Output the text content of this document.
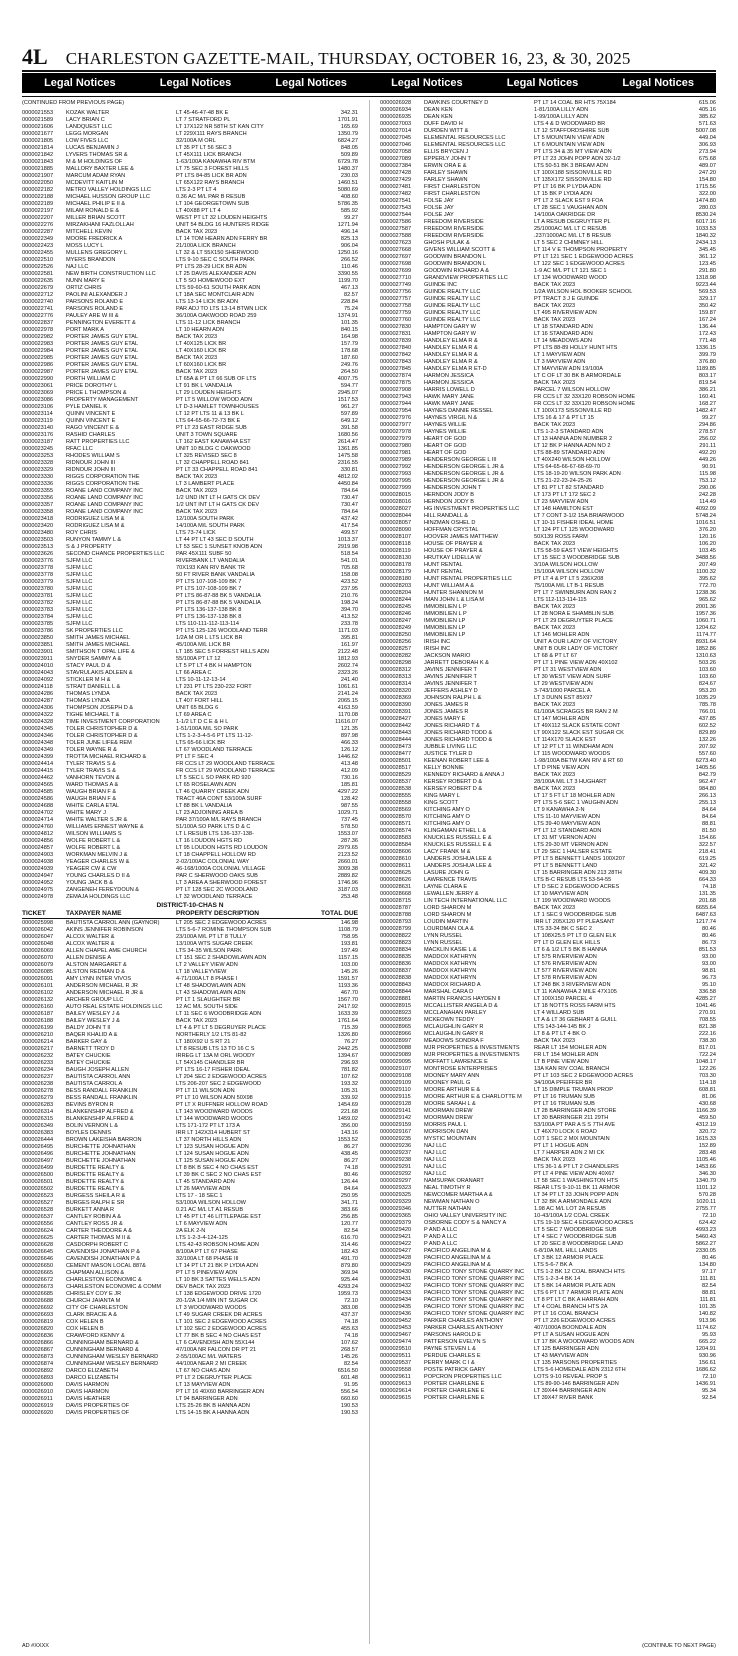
4L CHARLESTON GAZETTE-MAIL, THURSDAY, OCTOBER 16, 23, & 30, 2025
Legal Notices	Legal Notices	Legal Notices	Legal Notices	Legal Notices	Legal Notices
(CONTINUED FROM PREVIOUS PAGE)
0000021553	KOZAK WALTER	LT 45-46-47-48 BK E	342.31
0000021589	LACY BRIAN C	LT 7 STRATFORD PL	1701.91
0000021606	LANDQUEST LLC	LT 17X122 NR 58TH ST KAN CITY	165.69
0000021677	LEGG MORGAN	LT 229X111 RAYS BRANCH	1350.79
0000021805	LOW FIVES LLC	32/100A M ORL	6824.27
0000021814	LUCAS BENJAMIN J	LT 35 PT LT 56 SEC 3	848.05
0000021842	LYVERS THOMAS SR &	LT 45X111 LICK BRANCH	509.89
0000021843	M & M HOLDINGS OF	1-63/100A KANAWHA RIV BTM	6729.78
0000021885	MALLORY BAXTER LEE &	LT 75 SEC 3 FOREST HILLS	1480.37
0000021907	MARCUM ADAM RYAN	PT LTS 84-85 LICK BR ADN	230.03
0000022050	MCDEVITT KAITLIN M	LT 65X122 RAYS BRANCH	1460.51
0000022182	METRO VALLEY HOLDINGS LLC	LTS 2-3 PT LT 4	5080.69
0000022188	MICHAEL HUSSON GROUP LLC	0.36 AC M/L PAR B RESUB	408.60
0000022189	MICHAEL PHILIP E II &	LT 104 GEORGETOWN SUB	5786.35
0000022197	MILAM RONALD E &	LT 40X88 PT LT 4	585.92
0000022207	MILLER BRIAN SCOTT	WEST PT LT 32 LOUDEN HEIGHTS	99.27
0000022276	MIRZAKHANI FAZLOLLAH	UNIT 54 BLDG 16 HUNTERS RIDGE	1271.94
0000022287	MITCHELL KEVIN	BACK TAX 2023	496.14
0000022349	MOORE FREDRICK A	LT 14 TOM HEARN ADN FERRY BR	825.13
0000022423	MOSS LUCY L	21/100A LICK BRANCH	906.04
0000022455	MULLENS GREGORY L	LT 32 & LT 55X150 SHERWOOD	1250.16
0000022510	MYERS BRANDON	LTS 9-10 SEC C SOUTH PARK	266.52
0000022526	NAJ LLC	PT LTS 28-29 LICK BR ADN	110.46
0000022581	NEW BIRTH CONSTRUCTION LLC	LT 25 DAVIS ALEXANDER ADN	3390.55
0000022635	NUNN MARY E	LT 5 SO HOMEWOOD EXT	1199.70
0000022679	ORTIZ CHRIS	LTS 59-60-61 SOUTH PARK ADN	467.13
0000022712	PAOLINI ALEXANDER J	LT 18A SEC MONTCLAIR ADN	82.57
0000022740	PARSONS ROLAND E	LTS 13-14 LICK BR ADN	228.84
0000022741	PARSONS ROLAND E	PAR ADJ TO LTS 13-14 BTWN LICK	75.24
0000022776	PAULEY ARE W III &	36/100A OAKWOOD ROAD 259	1374.91
0000022837	PENNINGTON EVERETT &	LTS 11-12 LICK BRANCH	101.35
0000022978	PORT MARK A	LT 10 HEARN ADN	840.15
0000022982	PORTER JAMES GUY ETAL	BACK TAX 2023	164.98
0000022983	PORTER JAMES GUY ETAL	LT 40X125 LICK BR	157.79
0000022984	PORTER JAMES GUY ETAL	LT 40X160 LICK BR	178.68
0000022985	PORTER JAMES GUY ETAL	BACK TAX 2023	187.60
0000022986	PORTER JAMES GUY ETAL	LT 60X160 LICK BR	249.76
0000022987	PORTER JAMES GUY ETAL	BACK TAX 2023	264.50
0000022990	PORTH WILLIAM C	LT 65A & PT LT 66 SUB OF LTS	4007.75
0000023061	PRICE DOROTHY L	LT 91 BK L VANDALIA	594.77
0000023069	PRICE L THOMPSON &	LT 29 LOUDEN HEIGHTS	2945.07
0000023086	PROPERTY MANAGEMENT	PT LT 5 WILLOW WOOD ADN	1517.53
0000023106	PYLE DANIEL K	LT D-3 HAMLET TOWNHOUSES	961.27
0000023114	QUINN VINCENT E	LT 12 PT LTS 11 & 13 BK L	597.89
0000023119	QUINN VINCENT E	LTS 64-65-66-72-73 BK E	649.12
0000023140	RAGO VINCENT E &	PT LT 23 EAST RIDGE SUB	391.58
0000023176	RASHID CHARLES	UNIT 3 TOWN SQUARE	1680.56
0000023187	RATT PROPERTIES LLC	LT 162 EAST KANAWHA EST	2614.47
0000023245	RFAC LLC	UNIT 10 BLDG C OAKWOOD	1361.85
0000023253	RHODES WILLIAM S	LT 325 REVISED SEC 8	1475.58
0000023328	RIDNOUR JOHN III	LT 32 CHAPPELL ROAD 841	2316.55
0000023329	RIDNOUR JOHN III	PT LT 33 CHAPPELL ROAD 841	330.81
0000023330	RIGGS CORPORATION THE	BACK TAX 2023	4812.02
0000023336	RIGGS CORPORATION THE	LT 3 LAMBERT PLACE	4450.84
0000023355	ROANE LAND COMPANY INC	BACK TAX 2023	784.64
0000023356	ROANE LAND COMPANY INC	1/2 UND INT LT H GATS CK DEV	730.47
0000023357	ROANE LAND COMPANY INC	1/2 UNT INT LT H GATS CK DEV	730.47
0000023358	ROANE LAND COMPANY INC	BACK TAX 2023	784.64
0000023418	RODRIGUEZ LISA M &	12/100A SOUTH PARK	437.42
0000023420	RODRIGUEZ LISA M &	14/100A M/L SOUTH PARK	417.54
0000023480	ROY CHRIS	LTS 73-74 LICK	499.57
0000023503	RUNYON TAMMY L &	LT 44 PT LT 43 SEC D SOUTH	1013.37
0000023513	S & J PROPERTY	LT 53 SEC 1 SUNSET KNOB ADN	2919.98
0000023626	SECOND CHANCE PROPERTIES LLC	PAR 45X111 SUBF 50	518.54
0000023776	SJFM LLC	RIVERBANK LT VANDALIA	541.01
0000023778	SJFM LLC	70X193 KAN RIV BANK TR	705.68
0000023778	SJFM LLC	50 FT RIVER BANK VANDALIA	158.08
0000023779	SJFM LLC	PT LTS 107-108-109 BK 7	423.52
0000023780	SJFM LLC	PT LTS 107-108-109 BK 7	237.95
0000023781	SJFM LLC	PT LTS 86-87-88 BK 5 VANDALIA	210.76
0000023782	SJFM LLC	PT LTS 86-87-88 BK 5 VANDALIA	198.24
0000023783	SJFM LLC	PT LTS 136-137-138 BK 8	394.70
0000023784	SJFM LLC	PT LTS 136-137-138 BK 8	413.52
0000023785	SJFM LLC	LTS 110-111-112-113-114	233.78
0000023786	SK PROPERTIES LLC	PT LTS 125-126 WOODLAND TERR	1171.03
0000023850	SMITH JAMES MICHAEL	1/2A M OR L LTS LICK BR	395.81
0000023851	SMITH JAMES MICHAEL	45/100A M/L LICK BR	161.97
0000023901	SMITHSON T OPAL LIFE &	LT 185 SEC 5 FORREST HILLS ADN	2122.48
0000023911	SNYDER SAMMY A &	55/100A PT LT 12	1812.93
0000024010	STACY PAUL D &	LT 5 PT LT 4 BK H HAMPTON	2602.74
0000024043	STAVRULAKIS ADLEEN &	LT 66 AREA C	2323.26
0000024092	STICKLER M H &	LTS 10-11-12-13-14	241.40
0000024118	STRAIT DANIELL L &	LT 231 PT LTS 230-232 FORT	1061.61
0000024286	THOMAS LYNDA	BACK TAX 2023	2141.24
0000024287	THOMAS LYNDA	LT 407 FORT HILL	2065.15
0000024306	THOMPSON JOSEPH D &	UNIT 65 BLDG 6	4163.59
0000024322	TIGHE MICHAEL T &	LT 69 AREA C	1170.08
0000024328	TIME INVESTMENT CORPORATION	1-1/2 LT D C E & H L	11616.07
0000024345	TOLER CHRISTOPHER D &	1-51/100A M/L SO PARK	121.35
0000024346	TOLER CHRISTOPHER D &	LTS 1-2-3-4-5-6 PT LTS 11-12-	897.98
0000024348	TOLER JUNE LIFE& REM	LTS 65-66 LICK BR	466.33
0000024349	TOLER WAYNE R &	LT 67 WOODLAND TERRACE	126.12
0000024399	TROTTA MICHAEL RICHARD &	PT LT F SEC 4	1446.62
0000024414	TYLER TRAVIS S &	FR CCS LT 29 WOODLAND TERRACE	413.48
0000024415	TYLER TRAVIS S &	FR CCS LT 29 WOODLAND TERRACE	412.09
0000024462	VANHORN TEVON &	LT 5 SEC L SO PARK RD 920	730.16
0000024565	WARD THOMAS A &	LT 65 ROSELAWN ADN	185.81
0000024585	WAUGH BRIAN F &	LT 46 QUARRY CREEK ADN	4297.22
0000024586	WAUGH BRIAN F &	TRACT 46A CONT 53/100A SURF	128.42
0000024688	WHITE CARLA ETAL	LT 88 BK L VANDALIA	987.55
0000024702	WHITE MARY J	LT 23 ADJOINING AREA B	1029.71
0000024714	WHITE WALTER S JR &	PAR 37/100A M/L RAYS BRANCH	737.45
0000024760	WILLIAMS ERNEST WAYNE &	51/100A SO PARK LTS D & C	578.50
0000024812	WILSON WILLIAMS S	LT L RESUB LTS 136-137-138-	1553.07
0000024856	WOLFE ROBERT L &	LT 16 LOUDON HGTS RD	287.36
0000024857	WOLFE ROBERT L &	LT 95 LOUDON HGTS RD LOUDON	2979.65
0000024903	WORKMAN MELVIN J &	LT 18 CHAPPELL HOLLOW RD	2123.52
0000024938	YEAGER CHARLES W &	2-02/100AC COLONIAL WAY	2660.01
0000024939	YEAGER CW & CW	46-168/1000A COLONIAL VILLAGE	3009.38
0000024947	YOUNG CHARLES D II &	PAR C SHERWOOD OAKS SUB	2889.82
0000024952	YOUNG JACK B &	LT 3 AREA A SHERWOOD FOREST	1746.96
0000024975	ZANGENEH FEREYDOUN &	PT LT 128 SEC 2C WOODLAND	3187.03
0000024978	ZEMAJA HOLDINGS LLC	LT 32 WOODLAND TERRACE	253.48
DISTRICT-10-CHAS N
TICKET	TAXPAYER NAME	PROPERTY DESCRIPTION	TOTAL DUE
0000025998	BAUTISTA CARROL ANN (GAYNOR)	LT 205 SEC 2 EDGEWOOD ACRES	146.98
0000026042	AKINS JENNIFER ROBINSON	LTS 5-6-7 ROMINE THOMPSON SUB	1108.79
0000026047	ALCOX WALTER &	23/100A M/L PT LT 8 TULLY	758.95
0000026048	ALCOX WALTER &	13/100A WTS SUGAR CREEK	193.81
0000026069	ALLEN CHAPEL AME CHURCH	LTS 34-35 WILSON PARK	197.49
0000026070	ALLEN DENISE A	LT 151 SEC 2 SHADOWLAWN ADN	1157.15
0000026079	ALSTON MARGARET &	LT 2 VALLEY VIEW ADN	103.00
0000026085	ALSTON REDMAN D &	LT 18 VALLEYVIEW	145.26
0000026091	AMY LYNN INTER VIVOS	4-71/100A LT 8 PHASE I	1591.57
0000026101	ANDERSON MICHAEL R JR	LT 48 SHADOWLAWN ADN	1193.36
0000026102	ANDERSON MICHAEL R JR &	LT 43 SHADOWLAWN ADN	467.70
0000026132	ARCHER GROUP LLC	PT LT 1 SLAUGHTER BR	1567.70
0000026160	AUTO REAL ESTATE HOLDINGS LLC	12 AC M/L SOUTH SIDE	2417.92
0000026187	BAILEY WESLEY J &	LT 11 SEC 6 WOODBRIDGE ADN	1633.39
0000026188	BAILEY WESLEY J &	BACK TAX 2023	1761.64
0000026199	BALDY JOHN T II	LT 4 & PT LT 5 DEGRUYER PLACE	715.39
0000026210	BAQER KHALID A &	NORTHERLY 1/2 LTS 81-82	1326.80
0000026214	BARKER GAY &	LT 180X92 U S RT 21	76.27
0000026217	BARNETT TROY D	LT 8 RESUB LTS 13 TO 16 C S	2442.25
0000026232	BATEY CHUCKIE	IRREG LT 13A M ORL WOODY	1394.67
0000026233	BATEY CHUCKIE	LT 54X145 CHANDLER BR	296.93
0000026234	BAUGH JOSEPH ALLEN	PT LTS 16-17 FISHER IDEAL	781.82
0000026237	BAUTISTA CARROL ANN	LT 204 SEC 2 EDGEWOOD ACRES	107.62
0000026238	BAUTISTA CARROL A	LTS 206-207 SEC 2 EDGEWOOD	193.32
0000026278	BESS RANDALL FRANKLIN	PT LT 11 WILSON ADN	105.31
0000026279	BESS RANDALL FRANKLIN	PT LT 10 WILSON ADN 50X98	339.92
0000026283	BEVINS BYRON R	PT LT X RUFFNER HOLLOW ROAD	1454.69
0000026314	BLANKENSHIP ALFRED &	LT 143 WOODWARD WOODS	221.68
0000026315	BLANKENSHIP ALFRED &	LT 144 WOODWARD WOODS	1459.02
0000026349	BOLIN VERNON L &	LTS 171-172 PT LT 173 A	356.00
0000026383	BOYLES DENNIS	IRR LT 142X314 HUBERT ST	143.16
0000026444	BROWN LAKEISHA BARRON	LT 37 NORTH HILLS ADN	1553.52
0000026495	BURCHETTE JOHNATHAN	LT 123 SUSAN HOGUE ADN	86.27
0000026496	BURCHETTE JOHNATHAN	LT 124 SUSAN HOGUE ADN	438.45
0000026497	BURCHETTE JOHNATHAN	LT 125 SUSAN HOGUE ADN	86.27
0000026499	BURDETTE REALTY &	LT 8 BK B SEC 4 NO CHAS EST	74.18
0000026500	BURDETTE REALTY &	LT 39 BK C SEC 2 NO CHAS EST	80.46
0000026501	BURDETTE REALTY &	LT 45 STANDARD ADN	126.44
0000026502	BURDETTE REALTY &	LT 26 MAYVIEW ADN	84.64
0000026523	BURGESS SHEILA R &	LTS 17 - 18 SEC 1	250.95
0000026527	BURGES RALPH E SR	53/100A WILSON HOLLOW	341.71
0000026528	BURKETT ANNA R	0.21 AC M/L LT A1 RESUB	383.66
0000026537	CANTLEY ROBIN A &	LT 45 PT LT 46 LITTLEPAGE EST	256.85
0000026556	CANTLEY ROSS JR &	LT 6 MAYVIEW ADN	120.77
0000026624	CARTER THEODORE A &	2A ELK 2-N	82.54
0000026625	CARTER THOMAS M II &	LTS 1-2-3-4-124-125	616.70
0000026628	CASDORPH ROBERT C	LTS 42-43 ROBSON HOME ADN	314.46
0000026645	CAVENDISH JONATHAN P &	8/100A PT LT 67 PHASE	182.43
0000026646	CAVENDISH JONATHAN P &	32/100A LT 68 PHASE III	491.70
0000026650	CEMENT MASON LOCAL 887&	LT 14 PT LT 21 BK P LYDIA ADN	879.80
0000026665	CHAPMAN ALLISON &	PT LT 5 PINEVIEW ADN	369.94
0000026672	CHARLESTON ECONOMIC &	LT 10 BK 3 SATTES WELLS ADN	925.44
0000026673	CHARLESTON ECONOMIC & COMM	DEV BACK TAX 2023	4293.24
0000026685	CHRISLEY COY E JR	LT 138 EDGEWOOD DRIVE 1720	1959.73
0000026688	CHURCH JAIANTA M	20-1/2A 1/4 MIN INT SUGAR CK	72.10
0000026692	CITY OF CHARLESTON	LT 3 WOODWARD WOODS	383.08
0000026693	CLARK BRACIE A &	LT 49 SUGAR CREEK DR ACRES	437.37
0000026819	COX HELEN B	LT 101 SEC 2 EDGEWOOD ACRES	74.18
0000026820	COX HELEN B	LT 102 SEC 2 EDGEWOOD ACRES	455.63
0000026836	CRAWFORD KENNY &	LT 77 BK B SEC 4 NO CHAS EST	74.18
0000026866	CUNNINGHAM BERNARD &	LT 6 CAVENDISH ADN 55X144	107.62
0000026867	CUNNINGHAM BERNARD &	47/100A NR FALCON DR PT 21	268.57
0000026873	CUNNINGHAM WESLEY BERNARD	2-55/100AC M/L WATERS	145.26
0000026874	CUNNINGHAM WESLEY BERNARD	44/100A NEAR 2 MI CREEK	82.54
0000026892	DARCO ELIZABETH	LT 67 NO CHAS ADN	6516.50
0000026893	DARCO ELIZABETH	PT LT 2 DEGRUYTER PLACE	601.48
0000026900	DAVIS HARMON	LT 13 MAYVIEW ADN	91.95
0000026910	DAVIS HARMON	PT LT 16 40X60 BARRINGER ADN	556.54
0000026911	DAVIS HEATHER	LT 94 BARRINGER ADN	660.60
0000026919	DAVIS PROPERTIES OF	LTS 25-26 BK B HANNA ADN	190.53
0000026920	DAVIS PROPERTIES OF	LTS 14-15 BK A HANNA ADN	190.53
0000026928	DAWKINS COURTNEY D	PT LT 14 COAL BR HTS 75X184	615.06
0000026934	DEAN KEN	1-81/100A LILLY ADN	405.16
0000026935	DEAN KEN	1-99/100A LILLY ADN	385.62
0000027003	DUFF DAVID H	LTS 4 & D WOODWARD BR	571.63
0000027014	DURDEN WITT &	LT 12 STAFFORDSHIRE SUB	5007.08
0000027045	ELEMENTAL RESOURCES LLC	LT 5 MOUNTAIN VIEW ADN	449.04
0000027046	ELEMENTAL RESOURCES LLC	LT 6 MOUNTAIN VIEW ADN	306.93
0000027058	ELLIS BRYCEN J	PT LTS 34 & 35 MT VIEW ADN	273.94
0000027089	EPPERLY JOHN T	PT LT 23 JOHN POPP ADN 32-1/2	675.68
0000027384	ERWIN ORA E &	LTS 50-51 BK 3 BREAM ADN	489.07
0000027428	FARLEY SHAWN	LT 100X188 SISSONVILLE RD	247.20
0000027429	FARLEY SHAWN	LT 135X172 SISSONVILLE RD	154.80
0000027481	FIRST CHARLESTON	PT LT 16 BK P LYDIA ADN	1715.56
0000027482	FIRST CHARLESTON	LT 15 BK P LYDIA ADN	322.00
0000027541	FOLSE JAY	PT LT 2 SLACK EST 9 FOA	1474.80
0000027543	FOLSE JAY	LT 28 SEC 1 VAUGHAN ADN	280.03
0000027544	FOLSE JAY	14/100A OAKRIDGE DR	8530.24
0000027586	FREEDOM RIVERSIDE	LT A RESUB DEGRUYTER PL	6017.16
0000027587	FREEDOM RIVERSIDE	25/1000AC M/L LT C RESUB	1033.53
0000027588	FREEDOM RIVERSIDE	.237/1000AC M/L LT B RESUB	1840.32
0000027623	GHOSH PULAK &	LT 5 SEC 2 CHIMNEY HILL	2434.13
0000027668	GIVENS WILLIAM SCOTT &	LT 114 V E THOMPSON PROPERTY	345.45
0000027697	GOODWIN BRANDON L	PT LT 121 SEC 1 EDGEWOOD ACRES	361.12
0000027698	GOODWIN BRANDON L	LT 122 SEC 1 EDGEWOOD ACRES	123.45
0000027699	GOODWIN RICHARD A &	1-9 AC M/L PT LT 121 SEC 1	291.80
0000027710	GRANDVIEW PROPERTIES LLC	LT 134 WOODWARD WOOD	1318.98
0000027749	GUINDE INC	BACK TAX 2023	9223.44
0000027756	GUINDE REALTY LLC	1/2A WILSON HOL BOOKER SCHOOL	569.53
0000027757	GUINDE REALTY LLC	PT TRACT 3 J E GUINDE	329.17
0000027758	GUINDE REALTY LLC	BACK TAX 2023	350.42
0000027759	GUINDE REALTY LLC	LT 495 RIVERVIEW ADN	159.87
0000027760	GUINDE REALTY LLC	BACK TAX 2023	167.24
0000027830	HAMPTON GARY W	LT 18 STANDARD ADN	136.44
0000027831	HAMPTON GARY W	LT 16 STANDARD ADN	172.43
0000027839	HANDLEY ELMA R &	LT 14 MEADOWS ADN	771.48
0000027840	HANDLEY ELMA R &	PT LTS 88-89 HOLLY HUNT HTS	1336.15
0000027842	HANDLEY ELMA R &	LT 1 MAYVIEW ADN	399.79
0000027843	HANDLEY ELMA R &	LT 3 MAYVIEW ADN	376.80
0000027845	HANDLEY ELMA R ET-D	LT MAYVIEW ADN 19/100A	1189.85
0000027874	HARMON JESSICA	LT C OF LT 30 BK B ARMORDALE	803.17
0000027875	HARMON JESSICA	BACK TAX 2023	819.54
0000027908	HARRIS LOWELL D	PARCEL 7 WILSON HOLLOW	386.21
0000027943	HAWK MARY JANE	FR CCS LT 32 33X120 ROBSON HOME	160.41
0000027944	HAWK MARY JANE	FR CCS LT 32 33X120 ROBSON HOME	168.27
0000027954	HAYNES DANNIE RESSEL	LT 100X173 SISSONVILLE RD	1482.47
0000027976	HAYNES VIRGIL N &	LTS 16 & 17 & PT LT 15	99.27
0000027977	HAYNES WILLIE	BACK TAX 2023	294.86
0000027978	HAYNES WILLIE	LTS 1-2-3 STANDARD ADN	278.57
0000027979	HEART OF GOD	LT 13 HANNA ADN NUMBER 2	256.02
0000027980	HEART OF GOD	LT 12 BK P HANNA ADN NO 2	291.11
0000027981	HEART OF GOD	LTS 88-89 STANDARD ADN	492.20
0000027989	HENDERSON GEORGE L III	LT 40X240 WILSON HOLLOW	449.26
0000027992	HENDERSON GEORGE L JR &	LTS 64-65-66-67-68-69-70	90.91
0000027993	HENDERSON GEORGE L JR &	LTS 18-19-20 WILSON PARK ADN	115.98
0000027995	HENDERSON GEORGE L JR &	LTS 21-22-23-24-25-26	753.12
0000027999	HENDERSON JOHN T	LT 81 PT LT 82 STANDARD	290.06
0000028015	HERNDON JODY B	LT 173 PT LT 172 SEC 2	242.28
0000028016	HERNDON JODY B	LT 23 MAYVIEW ADN	114.49
0000028027	HG INVESTMENT PROPERTIES LLC	LT 148 HAMILTON EST	4092.09
0000028044	HILL RANDALL &	LT 7 CONT 3-1/2 15A BRIARWOOD	5748.24
0000028057	HINZMAN OSHEL D	LT 10-11 FISHER IDEAL HOME	1016.51
0000028090	HOFFMAN CRYSTAL	LT 124 PT LT 125 WOODWARD	376.20
0000028107	HOOVER JAMES MATTHEW	50X139 ROSS FARM	120.16
0000028118	HOUSE OF PRAYER &	BACK TAX 2023	106.20
0000028119	HOUSE OF PRAYER &	LTS 58-59 EAST VIEW HEIGHTS	103.45
0000028130	HRUTKAY LIDELLA W	LT 15 SEC 3 WOODBRIDGE SUB	3488.56
0000028178	HUNT RENTAL	3/10A WILSON HOLLOW	207.49
0000028179	HUNT RENTAL	15/100A WILSON HOLLOW	1100.32
0000028180	HUNT RENTAL PROPERTIES LLC	PT LT 4 & PT LT 5 236X208	395.62
0000028203	HUNT WILLIAM A &	75/100A M/L LT B-1 RESUB	772.70
0000028204	HUNTER SHANNON M	PT LT 7 SWINBURN ADN RAN 2	1238.36
0000028244	IMAN JOHN L & LISA M	LTS 112-113-114-115	965.62
0000028245	IMMOBILIEN L P	BACK TAX 2023	2001.36
0000028246	IMMOBILIEN L P	LT 28 NORA E SHAMBLIN SUB	1957.36
0000028247	IMMOBILIEN LP	PT LT 29 DEGRUYTER PLACE	1060.71
0000028249	IMMOBILIEN LP	BACK TAX 2023	1204.62
0000028250	IMMOBILIEN LP	LT 146 MOHLER ADN	1174.77
0000028256	IRISH INC	UNIT A OUR LADY OF VICTORY	8931.64
0000028257	IRISH INC	UNIT B OUR LADY OF VICTORY	1852.86
0000028282	JACKSON MARIO	LT 68 & PT LT 67	1310.63
0000028298	JARRETT DEBORAH K &	PT LT 1 PINE VIEW ADN 40X102	503.26
0000028312	JAVINS JENNIFER T	PT LT 31 WESTVIEW ADN	103.60
0000028313	JAVINS JENNIFER T	LT 30 WEST VIEW ADN SURF	103.60
0000028314	JAVINS JENNIFER T	LT 29 WESTVIEW ADN	824.67
0000028320	JEFFERS ASHLEY D	3-743/1000 PARCEL A	953.20
0000028369	JOHNSON RALPH L &	LT 3 DUNN EST 85X97	1035.29
0000028390	JONES JAMES R	BACK TAX 2023	785.78
0000028391	JONES JAMES R	61/100A SCRAGGS BR RAN 2 M	766.01
0000028427	JONES MARY E	LT 147 MOHLER ADN	437.85
0000028442	JONES RICHARD T &	LT 49X112 SLACK ESTATE CONT	602.52
0000028443	JONES RICHARD TODD &	LT 90X122 SLACK EST SUGAR CK	829.89
0000028444	JONES RICHARD TODD &	LT 114X170 SLACK EST	132.26
0000028473	JUBBLE LIVING LLC	LT 12 PT LT 11 WINDHAM ADN	207.92
0000028477	JUSTICE TYLER D	LT 115 WOODWARD WOODS	557.60
0000028501	KEENAN ROBERT LEE &	1-98/100A BETW KAN RIV & RT 60	6273.40
0000028517	KELLY BONNIE	LT D PINE VIEW ADN	1405.56
0000028529	KENNEDY RICHARD & ANNA J	BACK TAX 2023	842.79
0000028537	KERSEY ROBERT D &	28/100A M/L LT 3 HUGHART	962.47
0000028538	KERSEY ROBERT D &	BACK TAX 2023	984.80
0000028555	KING MARY L	LT 17 5 FT LT 18 MOHLER ADN	266.13
0000028558	KING SCOTT	PT LTS 5-6 SEC 1 VAUGHN ADN	255.13
0000028569	KITCHING AMY O	LT 9 KANAWHA 2-N	84.64
0000028570	KITCHING AMY O	LTS 11-10 MAYVIEW ADN	84.64
0000028571	KITCHING AMY O	LTS 39-40 MAYVIEW ADN	88.81
0000028574	KLINGAMAN ETHEL L &	PT LT 12 STANDARD ADN	81.50
0000028583	KNUCKLES RUSSELL E &	LT 31 MT VERNON ADN	154.66
0000028584	KNUCKLES RUSSELL E &	LTS 29-30 MT VERNON ADN	322.57
0000028606	LACY FRANK M &	LT 29 SEC 1 HALSER ESTATE	218.41
0000028610	LANDERS JOSHUA LEE &	PT LT 5 BENNETT LANDS 100X207	619.25
0000028611	LANDERS JOSHUA LEE &	PT LT 5 BENNETT LAND	321.42
0000028625	LASURE JOHN G	LT 15 BARRINGER ADN 213 28TH	409.30
0000028626	LAWRENCE TRAVIS	LTS B-C RESUB LTS 53-54-55	664.33
0000028631	LAYNE CLARA E	LT D SEC 2 EDGEWOOD ACRES	74.18
0000028668	LEWALLEN JERRY &	LT 10 MAYVIEW ADN	131.35
0000028715	LIN TECH INTERNATIONAL LLC	LT 199 WOODWARD WOODS	201.68
0000028787	LORD SHARON M	BACK TAX 2023	6655.64
0000028788	LORD SHARON M	LT 1 SEC 9 WOODBRIDGE SUB	6487.63
0000028793	LOUDIN MARTIN	IRR LT 205X120 PT PLEASANT	1217.74
0000028799	LOURDMAN OLA &	LTS 33-34 BK C SEC 2	80.46
0000028822	LYNN RUSSEL	LT 108X25.5 PT LT D GLEN ELK	80.46
0000028823	LYNN RUSSEL	PT LT D GLEN ELK HILLS	86.73
0000028834	MACKLIN KASIE L &	LT 6 & 1/2 LT 5 BK B HANNA	851.53
0000028835	MADDOX KATHRYN	LT 575 RIVERVIEW ADN	93.00
0000028836	MADDOX KATHRYN	LT 576 RIVERVIEW ADN	93.00
0000028837	MADDOX KATHRYN	LT 577 RIVERVIEW ADN	98.81
0000028838	MADDOX KATHRYN	LT 578 RIVERVIEW ADN	96.73
0000028843	MADDOX RICHARD A	LT 248 BK 3 RIVERVIEW ADN	95.10
0000028844	MARSHAL CARA D	LT 11 KANAWHA 2 MILE 47X105	336.58
0000028881	MARTIN FRANCIS HAYDEN II	LT 100X150 PARCEL 4	4285.27
0000028915	MCCALLISTER ANGELA D &	LT 18 NOTTS ROSS FARM HTS	1041.46
0000028923	MCCLANAHAN PARLEY	LT 4 WILLARD SUB	270.91
0000028959	MCKEOWN TEDDY	LT A & LT 36 GEBHART & GUILL	708.55
0000028965	MCLAUGHLIN GARY R	LTS 143-144-145 BK J	821.38
0000028966	MCLAUGHLIN GARY R	LT 8 & PT LT 4 BK O	222.16
0000028997	MEADOWS SONDRA F	BACK TAX 2023	738.30
0000029088	MJR PROPERTIES & INVESTMENTS	REAR LT 154 MOHLER ADN	817.01
0000029089	MJR PROPERTIES & INVESTMENTS	FR LT 154 MOHLER ADN	722.24
0000029095	MOFFATT LAWRENCE E	LT B PINE VIEW ADN	1048.17
0000029107	MONTROSE ENTERPRISES	13A KAN RIV COAL BRANCH	122.26
0000029108	MOONEY MARY ANN	PT LT 103 SEC 2 EDGEWOOD ACRES	703.30
0000029109	MOONEY PAUL G	34/100A PFEIFFER BR	114.18
0000029110	MOORE ARTHUR E &	LT 15 DIMPLE TRUMAN PROP	608.81
0000029115	MOORE ARTHUR E & CHARLOTTE M	PT LT 16 TRUMAN SUB	81.06
0000029128	MOORE SARAH L &	PT LT 16 TRUMAN SUB	430.68
0000029141	MOORMAN DREW	LT 28 BARRINGER ADN STORE	1166.39
0000029142	MOORMAN DREW	LT 30 BARRINGER 211 29TH	459.50
0000029159	MORRIS PAUL L	53/100A PT PAR A S S 7TH AVE	4312.19
0000029167	MORRISON DAN	LT 46X70 LOCK 6 ROAD	320.72
0000029235	MYSTIC MOUNTAIN	LOT 1 SEC 2 MIX MOUNTAIN	1615.33
0000029236	NAJ LLC	PT LT 1 HOGUE ADN	152.89
0000029237	NAJ LLC	LT 7 HARPER ADN 2 MI CK	283.48
0000029238	NAJ LLC	BACK TAX 2023	1105.46
0000029291	NAJ LLC	LTS 36-1 & PT LT 2 CHANDLERS	1453.66
0000029292	NAJ LLC	PT LT 4 PINE VIEW ADN 40X67	346.30
0000029297	NAMSUPAK ORANART	LT 58 SEC 1 WASHINGTON HTS	1340.79
0000029323	NEAL TIMOTHY R	REAR LTS 9-10-11 BK 11 ARMOR	1101.12
0000029325	NEWCOMER MARTHA A &	LT 34 PT LT 33 JOHN POPP ADN	570.28
0000029329	NEWMAN NATHAN O	LT 32 BK A ARMONDALE ADN	1020.11
0000029346	NUTTER NATHAN	1.98 AC M/L LOT 2A RESUB	2755.77
0000029365	OHIO VALLEY UNIVERSITY INC	10-43/100A 1/2 COAL CREEK	72.10
0000029379	OSBORNE CODY S & NANCY A	LTS 19-19 SEC 4 EDGEWOOD ACRES	624.42
0000029420	P AND A LLC	LT 5 SEC 7 WOODBRIDGE SUB	4993.23
0000029421	P AND A LLC	LT 4 SEC 7 WOODBRIDGE SUB	5460.43
0000029422	P AND A LLC	LT 20 SEC 8 WOODBRIDGE LAND	5862.27
0000029427	PACIFICO ANGELINA M &	6-8/10A M/L HILL LANDS	2330.05
0000029428	PACIFICO ANGELINA M &	LT 3 BK 12 ARMOR PLACE	80.46
0000029429	PACIFICO ANGELINA M &	LTS 5-6-7 BK A	134.80
0000029430	PACIFICO TONY STONE QUARRY INC	LTS 1-2 BK 12 COAL BRANCH HTS	97.17
0000029431	PACIFICO TONY STONE QUARRY INC	LTS 1-2-3-4 BK 14	111.81
0000029432	PACIFICO TONY STONE QUARRY INC	LT 5 BK 14 ARMOR PLATE ADN	82.54
0000029433	PACIFICO TONY STONE QUARRY INC	LTS 6 PT LT 7 ARMOR PLATE ADN	88.81
0000029434	PACIFICO TONY STONE QUARRY INC	LT 8 PT LT C BK A HARRAH ADN	111.81
0000029435	PACIFICO TONY STONE QUARRY INC	LT 4 COAL BRANCH HTS 2A	101.35
0000029436	PACIFICO TONY STONE QUARRY INC	PT LT 16 COAL BRANCH	140.82
0000029452	PARKER CHARLES ANTHONY	PT LT 226 EDGEWOOD ACRES	913.96
0000029453	PARKER CHARLES ANTHONY	407/1000A BOONDALE ADN	1174.62
0000029467	PARSONS HAROLD E	PT LT A SUSAN HOGUE ADN	95.93
0000029474	PATTERSON EVELYN S	LT 17 BK A WOODWARD WOODS ADN	665.22
0000029510	PAYNE STEVEN L &	LT 125 BARRINGER ADN	1204.91
0000029511	PERDUE CHARLES E	LT 43 MAYVIEW ADN	930.96
0000029537	PERRY MARK C I &	LT 135 PARSONS PROPERTIES	156.61
0000029558	POSTE PATRICK GARY	LTS 5-6 HOMEDALE ADN 2312 6TH	1686.62
0000029611	POPCRON PROPERTIES LLC	LOTS 9-10 REVEAL PROP S	72.10
0000029613	PORTER CHARLENE E	LTS 89-90-146 BARRINGER ADN	1436.91
0000029614	PORTER CHARLENE E	LT 39X44 BARRINGER ADN	95.34
0000029615	PORTER CHARLENE E	LT 39X47 RIVER BANK	92.54
AD #XXXX	(CONTINUE TO NEXT PAGE)
